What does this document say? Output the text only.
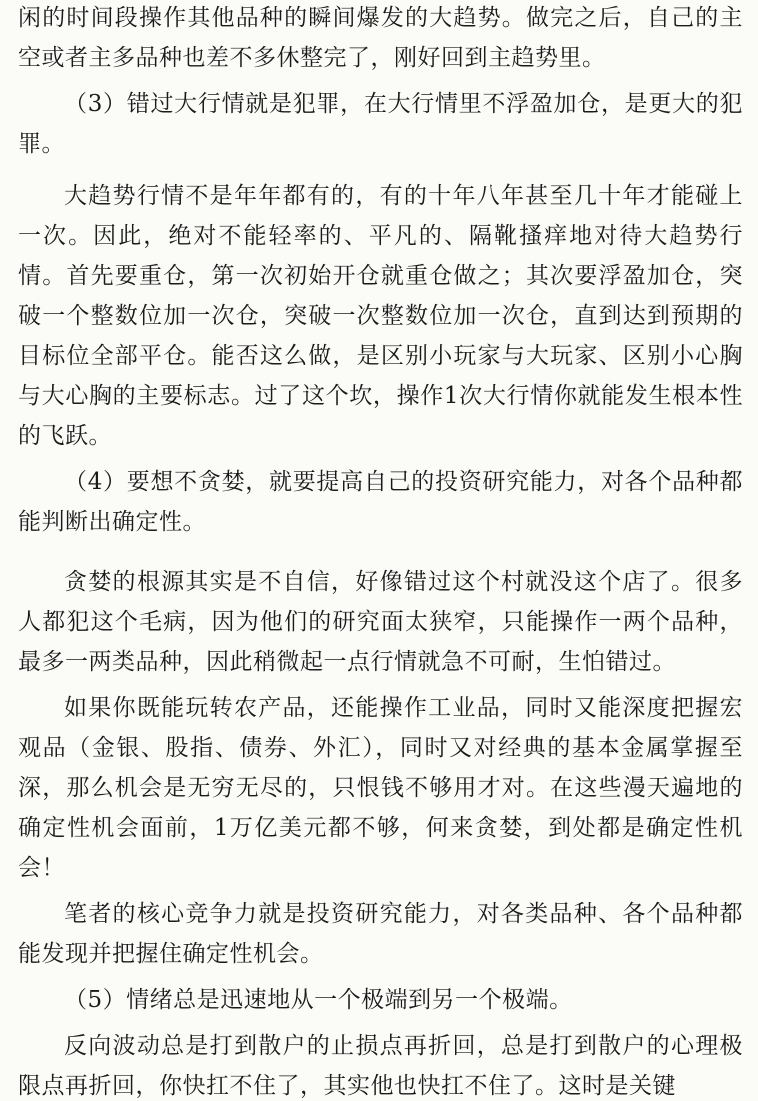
闲的时间段操作其他品种的瞬间爆发的大趋势。做完之后，自己的主空或者主多品种也差不多休整完了，刚好回到主趋势里。

（3）错过大行情就是犯罪，在大行情里不浮盈加仓，是更大的犯罪。

大趋势行情不是年年都有的，有的十年八年甚至几十年才能碰上一次。因此，绝对不能轻率的、平凡的、隔靴搔痒地对待大趋势行情。首先要重仓，第一次初始开仓就重仓做之；其次要浮盈加仓，突破一个整数位加一次仓，突破一次整数位加一次仓，直到达到预期的目标位全部平仓。能否这么做，是区别小玩家与大玩家、区别小心胸与大心胸的主要标志。过了这个坎，操作1次大行情你就能发生根本性的飞跃。

（4）要想不贪婪，就要提高自己的投资研究能力，对各个品种都能判断出确定性。

贪婪的根源其实是不自信，好像错过这个村就没这个店了。很多人都犯这个毛病，因为他们的研究面太狭窄，只能操作一两个品种，最多一两类品种，因此稍微起一点行情就急不可耐，生怕错过。

如果你既能玩转农产品，还能操作工业品，同时又能深度把握宏观品（金银、股指、债券、外汇），同时又对经典的基本金属掌握至深，那么机会是无穷无尽的，只恨钱不够用才对。在这些漫天遍地的确定性机会面前，1万亿美元都不够，何来贪婪，到处都是确定性机会！

笔者的核心竞争力就是投资研究能力，对各类品种、各个品种都能发现并把握住确定性机会。

（5）情绪总是迅速地从一个极端到另一个极端。

反向波动总是打到散户的止损点再折回，总是打到散户的心理极限点再折回，你快扛不住了，其实他也快扛不住了。这时是关键
